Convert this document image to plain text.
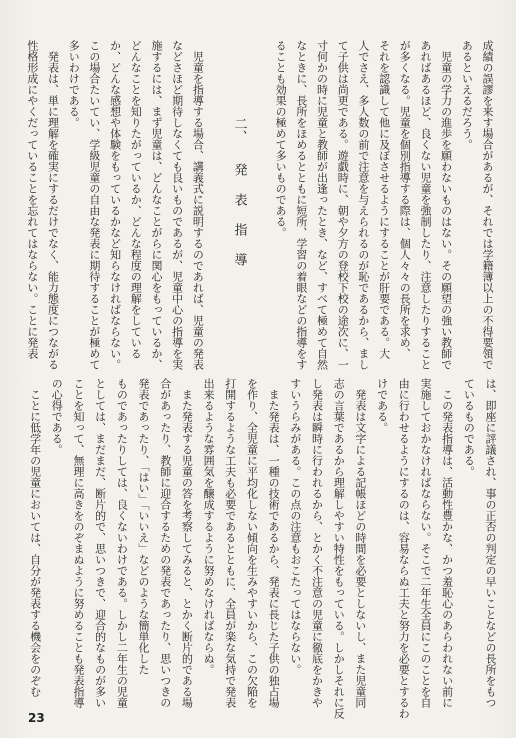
成績の誤謬を来す場合があるが、それでは学籍簿以上の不得要領で
あるといえるだろう。
　児童の学力の進歩を願わないものはない。その願望の強い教師で
あればあるほど、良くない児童を強制したり、注意したりすること
が多くなる。児童を個別指導する際は、個人々々の長所を求め、
それを認識して他に及ぼさせるようにすることが肝要である。大
人でさえ、多人数の前で注意を与えられるのが恥であるから、まし
て子供は尚更である。遊戯時に、朝や夕方の登校下校の途次に、一
寸何かの時に児童と教師が出逢ったとき、など、すべて極めて自然
なときに、長所をほめるとともに短所、学習の着眼などの指導をす
ることも効果の極めて多いものである。
二、発表指導
　児童を指導する場合、講義式に説明するのであれば、児童の発表
などさほど期待しなくても良いものであるが、児童中心の指導を実
施するには、まず児童は、どんなことがらに関心をもっているか、
どんなことを知りたがっているか、どんな程度の理解をしている
か、どんな感想や体験をもっているかなど知らなければならない。
この場合たいてい、学級児童の自由な発表に期待することが極めて
多いわけである。
　発表は、単に理解を確実にするだけでなく、能力態度につながる
性格形成にやくだっていることを忘れてはならない。ことに発表
は、即座に評議され、事の正否の判定の早いことなどの長所をもつ
ているものである。
　この発表指導は、活動性豊かな、かつ羞恥心のあらわれない前に
実施しておかなければならない。そこで二年生全員にこのことを自
由に行わせるようにするのは、容易ならぬ工夫と努力を必要とするわ
けである。
　発表は文字による記帳ほどの時間を必要としないし、また児童同
志の言葉であるから理解しやすい特性をもっている。しかしそれに反
し発表は瞬時に行われるから、とかく不注意の児童に徹底をかきや
すいうらみがある。この点の注意もおこたってはならない。
　また発表は、一種の技術であるから、発表に長じた子供の独占場
を作り、全児童に平均化しない傾向を生みやすいから、この欠陥を
打開するような工夫も必要であるとともに、全員が楽な気持で発表
出来るような雰囲気を醸成するように努めなければならぬ。
　また発表する児童の答を考察してみると、とかく断片的である場
合があったり、教師に迎合するための発表であったり、思いつきの
発表であったり、「はい」「いいえ」などのような簡単化した
ものであったりしては、良くないわけである。しかし二年生の児童
としては、まだまだ、断片的で、思いつきで、迎合的なものが多い
ことを知って、無理に高きをのぞまぬように努めることも発表指導
の心得である。
　ことに低学年の児童においては、自分が発表する機会をのぞむ
23
